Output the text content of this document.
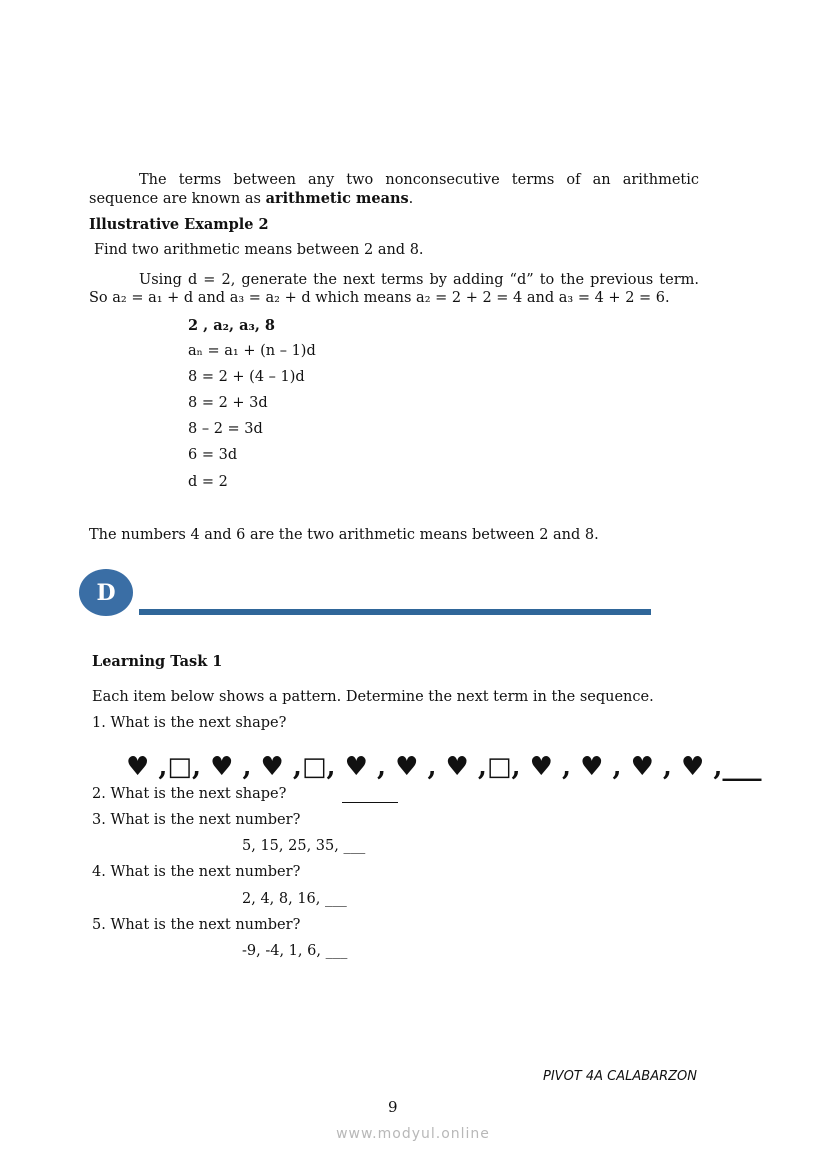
The terms between any two nonconsecutive terms of an arithmetic
sequence are known as arithmetic means.
Illustrative Example 2
Find two arithmetic means between 2 and 8.
Using d = 2, generate the next terms by adding “d” to the previous term.
So a₂ = a₁ + d and a₃ = a₂ + d which means a₂ = 2 + 2 = 4 and a₃ = 4 + 2 = 6.
2 , a₂, a₃, 8
aₙ = a₁ + (n – 1)d
8 = 2 + (4 – 1)d
8 = 2 + 3d
8 – 2 = 3d
6 = 3d
d = 2
The numbers 4 and 6 are the two arithmetic means between 2 and 8.
D
Learning Task 1
Each item below shows a pattern. Determine the next term in the sequence.
1. What is the next shape?
♥ ,□, ♥ , ♥ ,□, ♥ , ♥ , ♥ ,□, ♥ , ♥ , ♥ , ♥ ,___
2. What is the next shape?
3. What is the next number?
5, 15, 25, 35, ___
4. What is the next number?
2, 4, 8, 16, ___
5. What is the next number?
-9, -4, 1, 6, ___
PIVOT 4A CALABARZON
9
www.modyul.online
